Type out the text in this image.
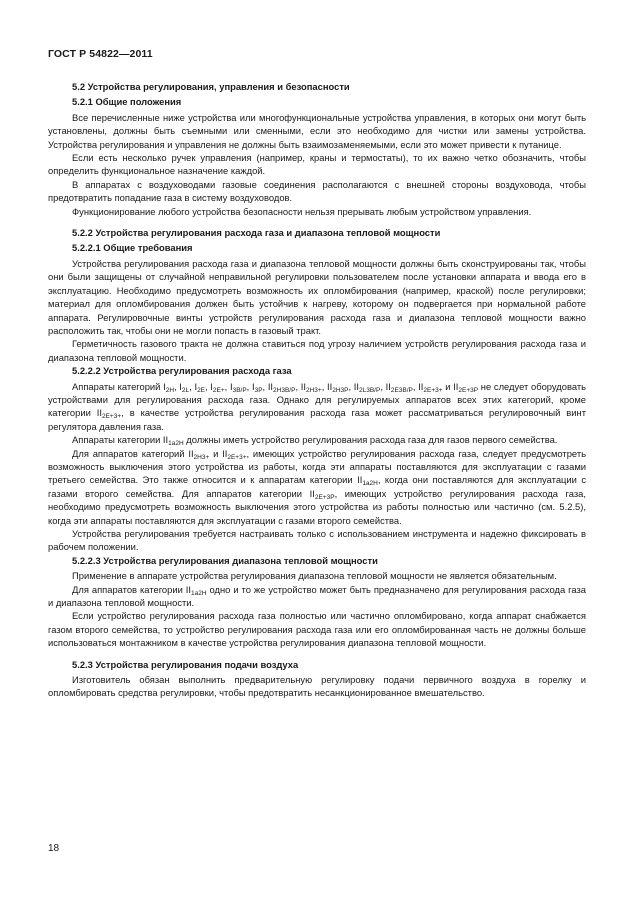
ГОСТ Р 54822—2011
5.2 Устройства регулирования, управления и безопасности
5.2.1 Общие положения

Все перечисленные ниже устройства или многофункциональные устройства управления, в которых они могут быть установлены, должны быть съемными или сменными, если это необходимо для чистки или замены устройства. Устройства регулирования и управления не должны быть взаимозаменяемыми, если это может привести к путанице.

Если есть несколько ручек управления (например, краны и термостаты), то их важно четко обозначить, чтобы определить функциональное назначение каждой.

В аппаратах с воздуховодами газовые соединения располагаются с внешней стороны воздуховода, чтобы предотвратить попадание газа в систему воздуховодов.

Функционирование любого устройства безопасности нельзя прерывать любым устройством управления.

5.2.2 Устройства регулирования расхода газа и диапазона тепловой мощности
5.2.2.1 Общие требования

Устройства регулирования расхода газа и диапазона тепловой мощности должны быть сконструированы так, чтобы они были защищены от случайной неправильной регулировки пользователем после установки аппарата и ввода его в эксплуатацию. Необходимо предусмотреть возможность их опломбирования (например, краской) после регулировки; материал для опломбирования должен быть устойчив к нагреву, которому он подвергается при нормальной работе аппарата. Регулировочные винты устройств регулирования расхода газа и диапазона тепловой мощности важно расположить так, чтобы они не могли попасть в газовый тракт.

Герметичность газового тракта не должна ставиться под угрозу наличием устройств регулирования расхода газа и диапазона тепловой мощности.

5.2.2.2 Устройства регулирования расхода газа

Аппараты категорий $I_{2H}$, $I_{2L}$, $I_{2E}$, $I_{2E+}$, $I_{3B/P}$, $I_{3P}$, $II_{2H3B/P}$, $II_{2H3+}$, $II_{2H3P}$, $II_{2L3B/P}$, $II_{2E3B/P}$, $II_{2E+3+}$ и $II_{2E+3P}$ не следует оборудовать устройствами для регулирования расхода газа. Однако для регулируемых аппаратов всех этих категорий, кроме категории $II_{2E+3+}$, в качестве устройства регулирования расхода газа может рассматриваться регулировочный винт регулятора давления газа.

Аппараты категории $II_{1a2H}$ должны иметь устройство регулирования расхода газа для газов первого семейства.

Для аппаратов категорий $II_{2H3+}$ и $II_{2E+3+}$, имеющих устройство регулирования расхода газа, следует предусмотреть возможность выключения этого устройства из работы, когда эти аппараты поставляются для эксплуатации с газами третьего семейства. Это также относится и к аппаратам категории $II_{1a2H}$, когда они поставляются для эксплуатации с газами второго семейства. Для аппаратов категории $II_{2E+3P}$, имеющих устройство регулирования расхода газа, необходимо предусмотреть возможность выключения этого устройства из работы полностью или частично (см. 5.2.5), когда эти аппараты поставляются для эксплуатации с газами второго семейства.

Устройства регулирования требуется настраивать только с использованием инструмента и надежно фиксировать в рабочем положении.

5.2.2.3 Устройства регулирования диапазона тепловой мощности

Применение в аппарате устройства регулирования диапазона тепловой мощности не является обязательным.

Для аппаратов категории $II_{1a2H}$ одно и то же устройство может быть предназначено для регулирования расхода газа и диапазона тепловой мощности.

Если устройство регулирования расхода газа полностью или частично опломбировано, когда аппарат снабжается газом второго семейства, то устройство регулирования расхода газа или его опломбированная часть не должны больше использоваться монтажником в качестве устройства регулирования диапазона тепловой мощности.

5.2.3 Устройства регулирования подачи воздуха

Изготовитель обязан выполнить предварительную регулировку подачи первичного воздуха в горелку и опломбировать средства регулировки, чтобы предотвратить несанкционированное вмешательство.

18
